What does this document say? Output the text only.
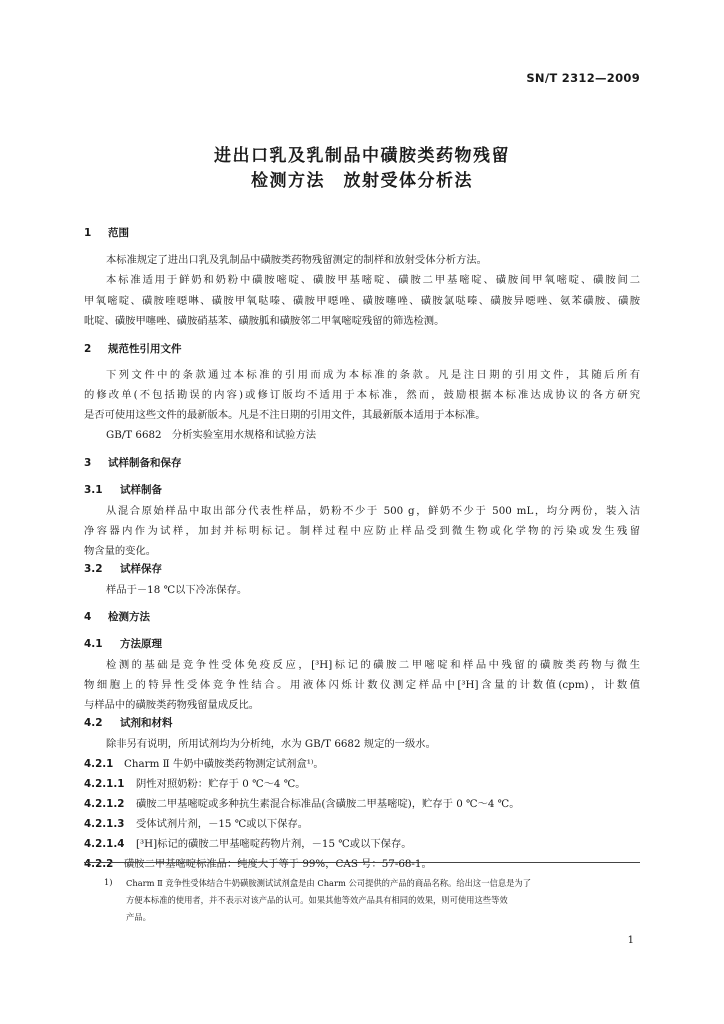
SN/T 2312—2009
进出口乳及乳制品中磺胺类药物残留
检测方法　放射受体分析法
1 范围
本标准规定了进出口乳及乳制品中磺胺类药物残留测定的制样和放射受体分析方法。
本标准适用于鲜奶和奶粉中磺胺嘧啶、磺胺甲基嘧啶、磺胺二甲基嘧啶、磺胺间甲氧嘧啶、磺胺间二
甲氧嘧啶、磺胺喹噁啉、磺胺甲氧哒嗪、磺胺甲噁唑、磺胺噻唑、磺胺氯哒嗪、磺胺异噁唑、氨苯磺胺、磺胺
吡啶、磺胺甲噻唑、磺胺硝基苯、磺胺胍和磺胺邻二甲氧嘧啶残留的筛选检测。
2 规范性引用文件
下列文件中的条款通过本标准的引用而成为本标准的条款。凡是注日期的引用文件，其随后所有
的修改单(不包括勘误的内容)或修订版均不适用于本标准，然而，鼓励根据本标准达成协议的各方研究
是否可使用这些文件的最新版本。凡是不注日期的引用文件，其最新版本适用于本标准。
GB/T 6682　分析实验室用水规格和试验方法
3 试样制备和保存
3.1 试样制备
从混合原始样品中取出部分代表性样品，奶粉不少于 500 g，鲜奶不少于 500 mL，均分两份，装入洁
净容器内作为试样，加封并标明标记。制样过程中应防止样品受到微生物或化学物的污染或发生残留
物含量的变化。
3.2 试样保存
样品于－18 ℃以下冷冻保存。
4 检测方法
4.1 方法原理
检测的基础是竞争性受体免疫反应，[³H]标记的磺胺二甲嘧啶和样品中残留的磺胺类药物与微生
物细胞上的特异性受体竞争性结合。用液体闪烁计数仪测定样品中[³H]含量的计数值(cpm)，计数值
与样品中的磺胺类药物残留量成反比。
4.2 试剂和材料
除非另有说明，所用试剂均为分析纯，水为 GB/T 6682 规定的一级水。
4.2.1 Charm Ⅱ 牛奶中磺胺类药物测定试剂盒¹⁾。
4.2.1.1 阴性对照奶粉：贮存于 0 ℃～4 ℃。
4.2.1.2 磺胺二甲基嘧啶或多种抗生素混合标准品(含磺胺二甲基嘧啶)，贮存于 0 ℃～4 ℃。
4.2.1.3 受体试剂片剂，－15 ℃或以下保存。
4.2.1.4 [³H]标记的磺胺二甲基嘧啶药物片剂，－15 ℃或以下保存。
4.2.2 磺胺二甲基嘧啶标准品：纯度大于等于 99%，CAS 号：57-68-1。
1) Charm Ⅱ 竞争性受体结合牛奶磺胺测试试剂盒是由 Charm 公司提供的产品的商品名称。给出这一信息是为了
方便本标准的使用者，并不表示对该产品的认可。如果其他等效产品具有相同的效果，则可使用这些等效
产品。
1
